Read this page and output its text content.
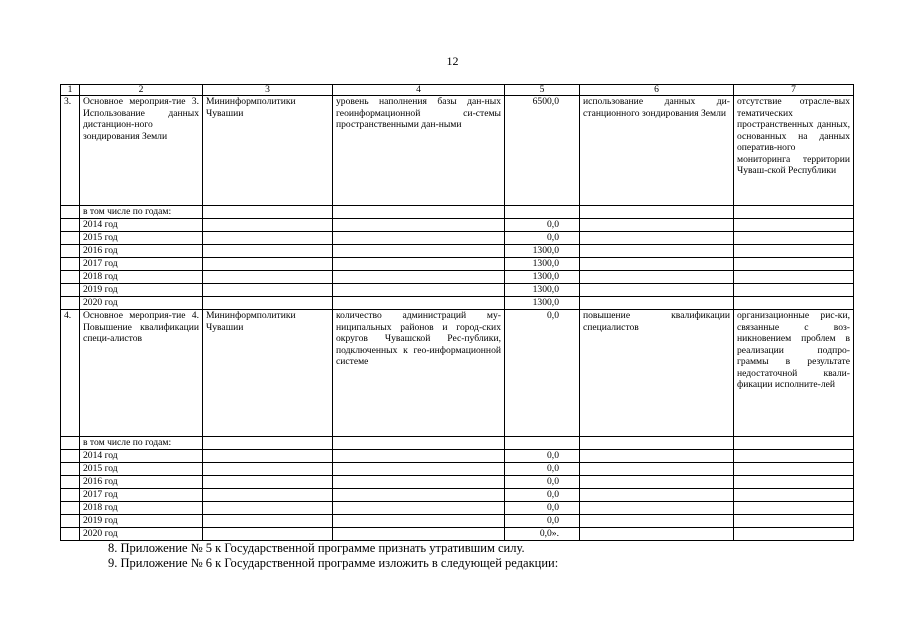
12
1	2	3	4	5	6	7
3.	Основное мероприя-тие 3. Использование данных дистанцион-ного зондирования Земли	Мининформполитики Чувашии	уровень наполнения базы дан-ных геоинформационной си-стемы пространственными дан-ными	6500,0	использование данных ди-станционного зондирования Земли	отсутствие отрасле-вых тематических пространственных данных, основанных на данных оператив-ного мониторинга территории Чуваш-ской Республики
	в том числе по годам:					
	2014 год			0,0		
	2015 год			0,0		
	2016 год			1300,0		
	2017 год			1300,0		
	2018 год			1300,0		
	2019 год			1300,0		
	2020 год			1300,0		
4.	Основное мероприя-тие 4. Повышение квалификации специ-алистов	Мининформполитики Чувашии	количество администраций му-ниципальных районов и город-ских округов Чувашской Рес-публики, подключенных к гео-информационной системе	0,0	повышение квалификации специалистов	организационные рис-ки, связанные с воз-никновением проблем в реализации подпро-граммы в результате недостаточной квали-фикации исполните-лей
	в том числе по годам:					
	2014 год			0,0		
	2015 год			0,0		
	2016 год			0,0		
	2017 год			0,0		
	2018 год			0,0		
	2019 год			0,0		
	2020 год			0,0».		
8. Приложение № 5 к Государственной программе признать утратившим силу.
9. Приложение № 6 к Государственной программе изложить в следующей редакции:
